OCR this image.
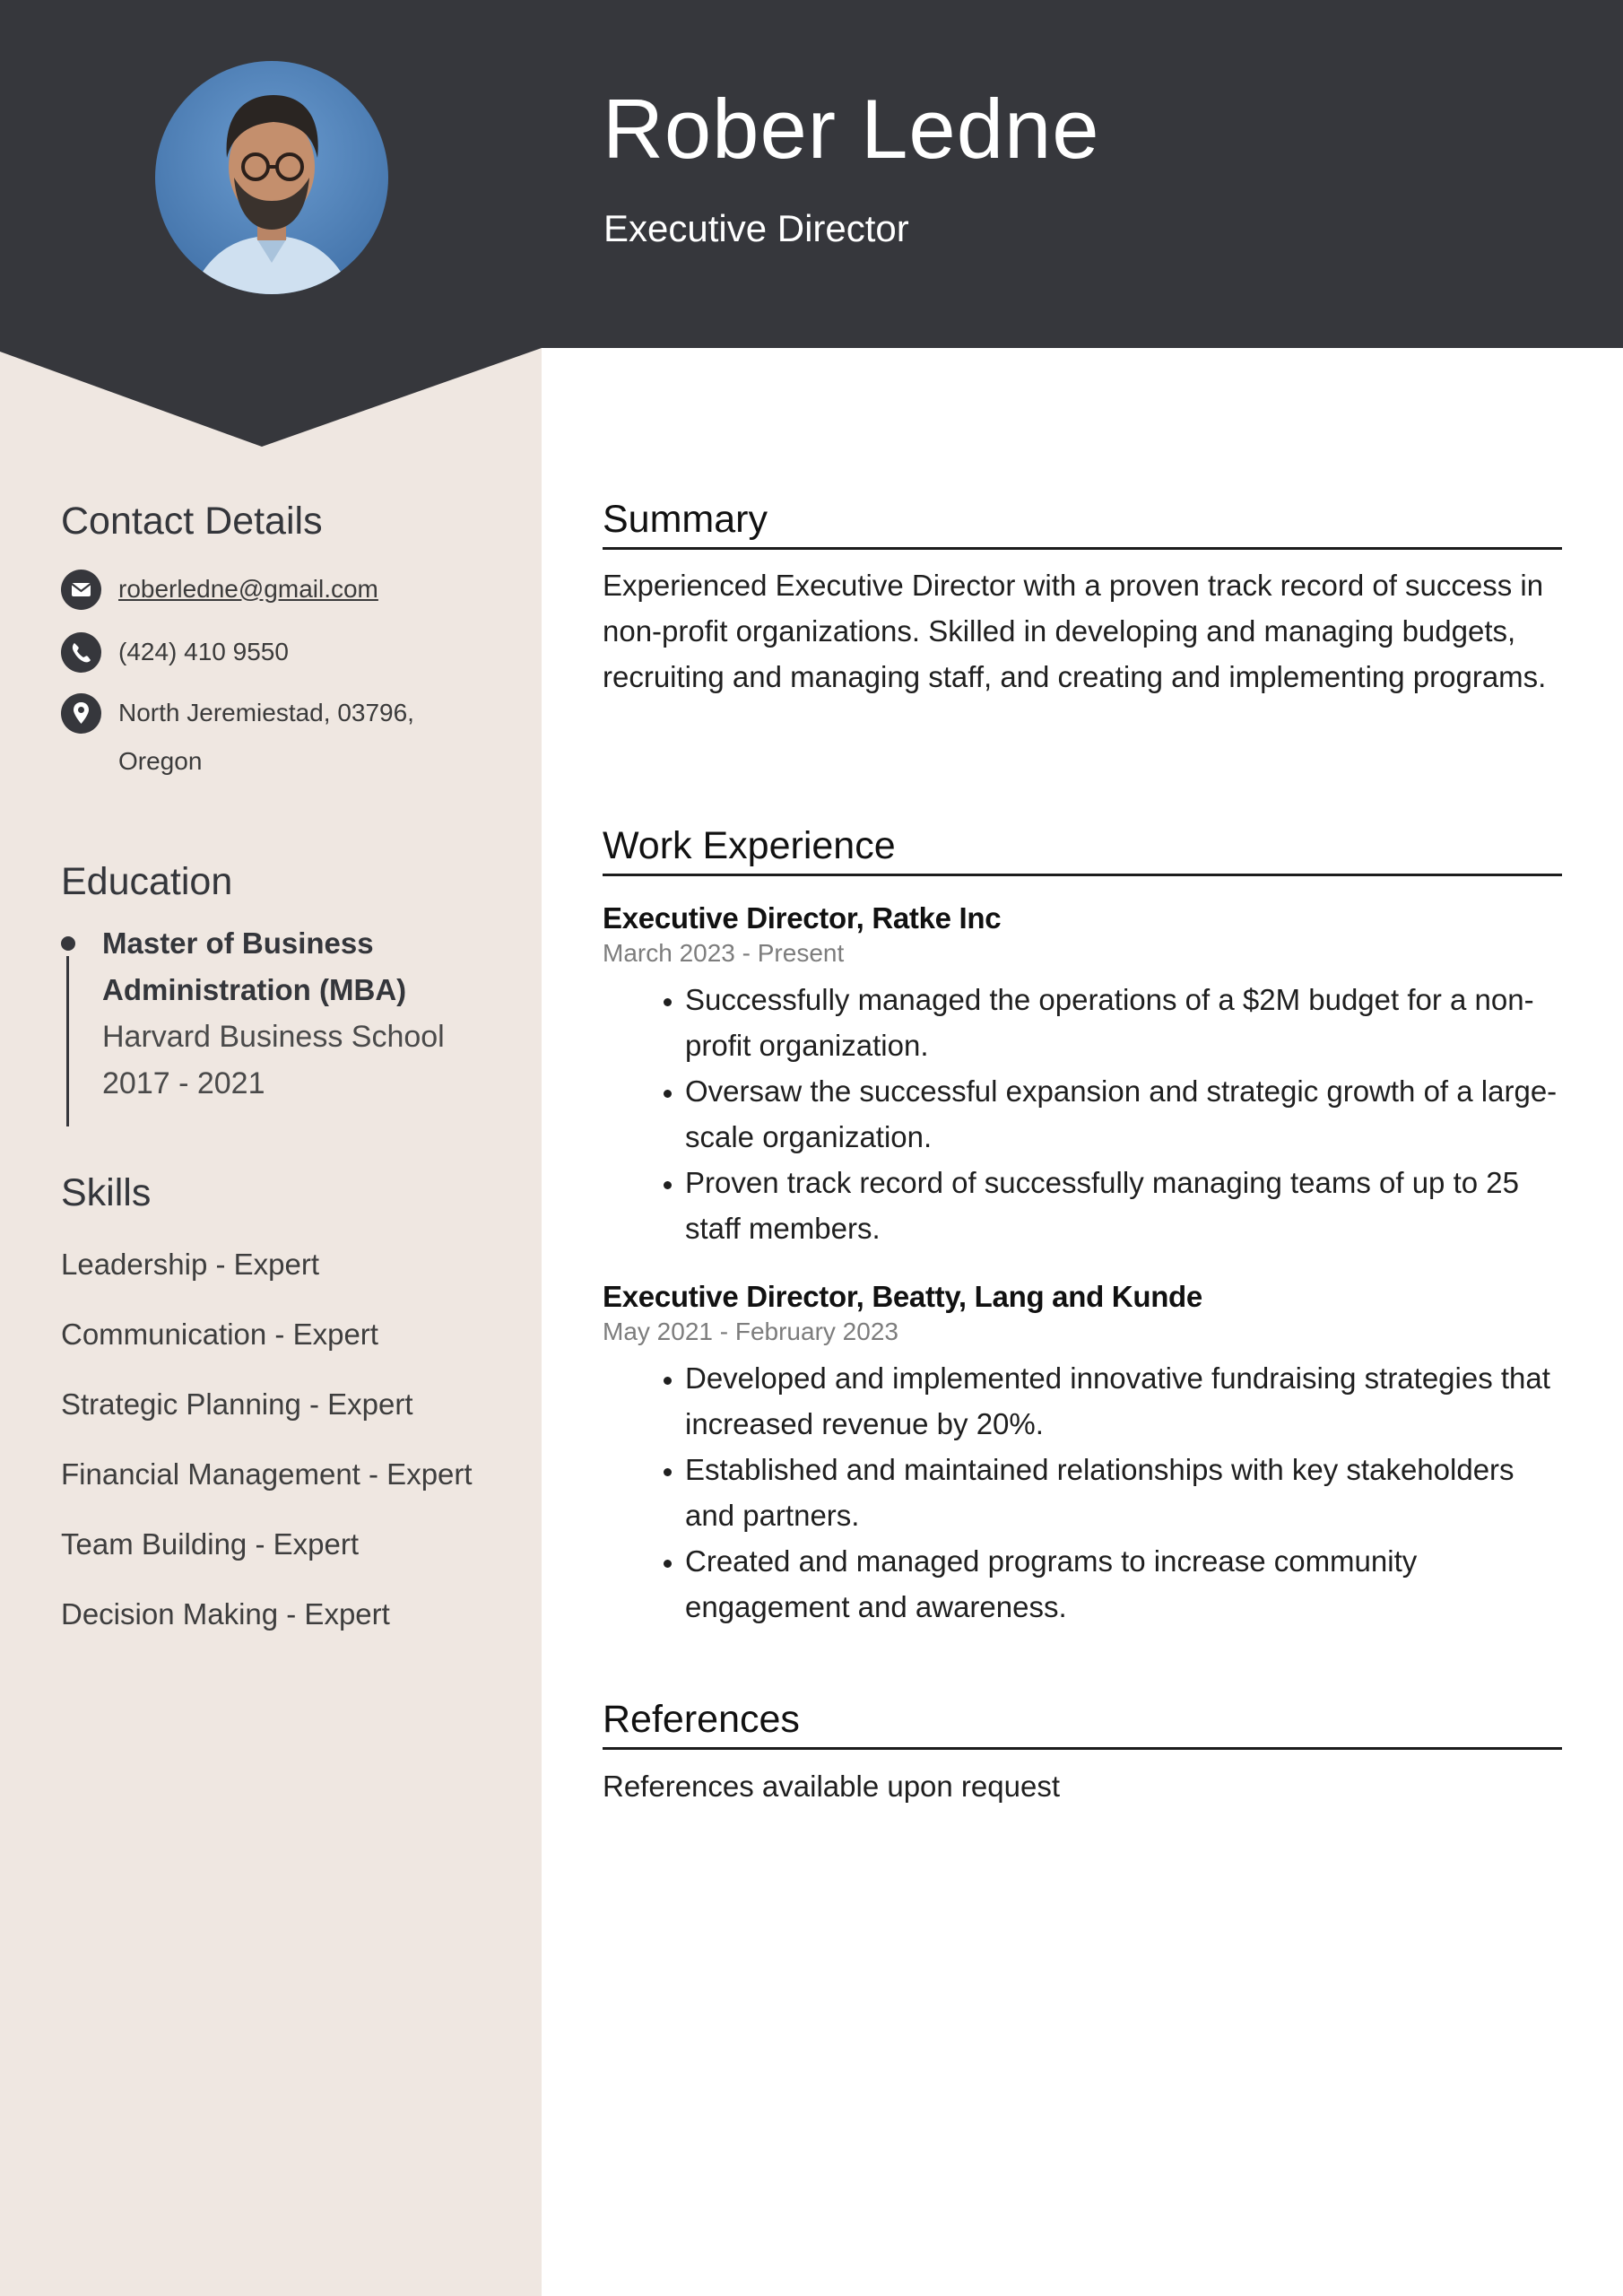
Rober Ledne
Executive Director
Contact Details
roberledne@gmail.com
(424) 410 9550
North Jeremiestad, 03796,
Oregon
Education
Master of Business
Administration (MBA)
Harvard Business School
2017 - 2021
Skills
Leadership - Expert
Communication - Expert
Strategic Planning - Expert
Financial Management - Expert
Team Building - Expert
Decision Making - Expert
Summary

Experienced Executive Director with a proven track record of success in non-profit organizations. Skilled in developing and managing budgets, recruiting and managing staff, and creating and implementing programs.

Work Experience
Executive Director, Ratke Inc
March 2023 - Present
• Successfully managed the operations of a $2M budget for a non-profit organization.
• Oversaw the successful expansion and strategic growth of a large-scale organization.
• Proven track record of successfully managing teams of up to 25 staff members.
Executive Director, Beatty, Lang and Kunde
May 2021 - February 2023
• Developed and implemented innovative fundraising strategies that increased revenue by 20%.
• Established and maintained relationships with key stakeholders and partners.
• Created and managed programs to increase community engagement and awareness.
References

References available upon request
